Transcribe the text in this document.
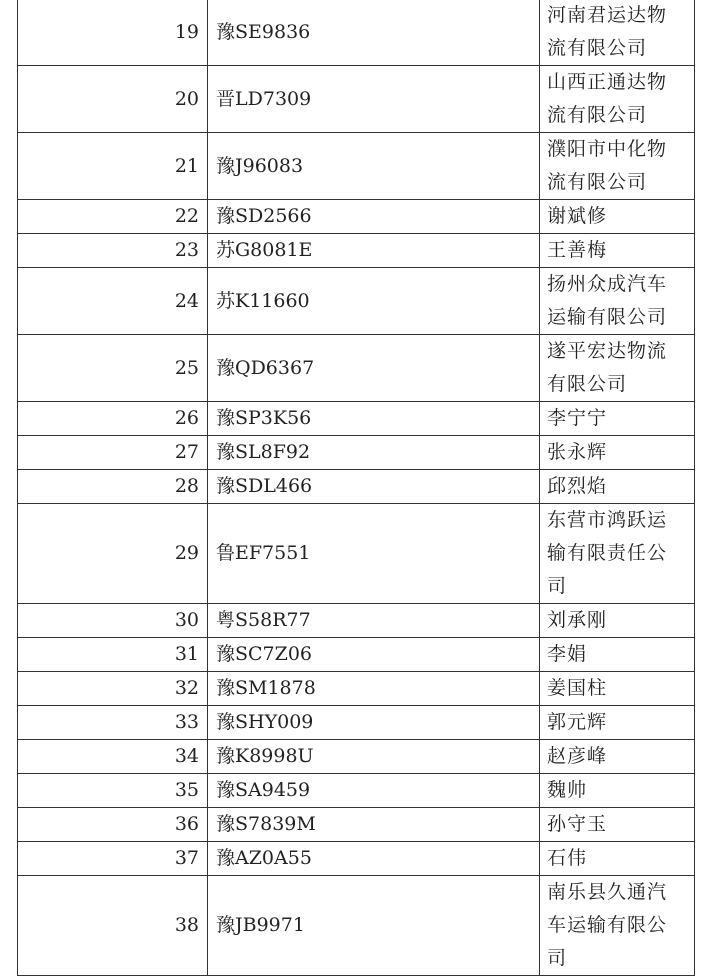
19	豫SE9836	河南君运达物流有限公司
20	晋LD7309	山西正通达物流有限公司
21	豫J96083	濮阳市中化物流有限公司
22	豫SD2566	谢斌修
23	苏G8081E	王善梅
24	苏K11660	扬州众成汽车运输有限公司
25	豫QD6367	遂平宏达物流有限公司
26	豫SP3K56	李宁宁
27	豫SL8F92	张永辉
28	豫SDL466	邱烈焰
29	鲁EF7551	东营市鸿跃运输有限责任公司
30	粤S58R77	刘承刚
31	豫SC7Z06	李娟
32	豫SM1878	姜国柱
33	豫SHY009	郭元辉
34	豫K8998U	赵彦峰
35	豫SA9459	魏帅
36	豫S7839M	孙守玉
37	豫AZ0A55	石伟
38	豫JB9971	南乐县久通汽车运输有限公司
